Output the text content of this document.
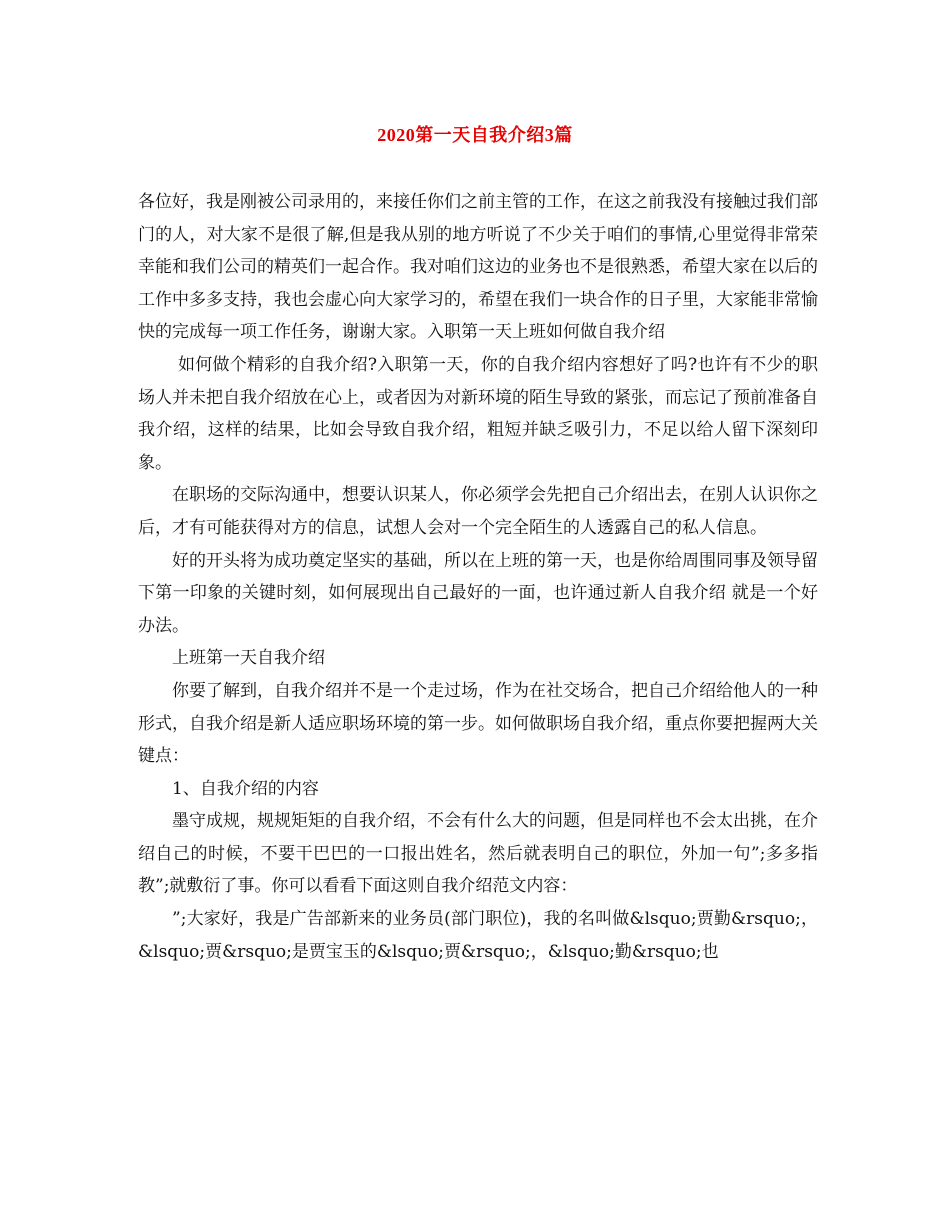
2020第一天自我介绍3篇

各位好，我是刚被公司录用的，来接任你们之前主管的工作，在这之前我没有接触过我们部门的人，对大家不是很了解,但是我从别的地方听说了不少关于咱们的事情,心里觉得非常荣幸能和我们公司的精英们一起合作。我对咱们这边的业务也不是很熟悉，希望大家在以后的工作中多多支持，我也会虚心向大家学习的，希望在我们一块合作的日子里，大家能非常愉快的完成每一项工作任务，谢谢大家。入职第一天上班如何做自我介绍

如何做个精彩的自我介绍?入职第一天，你的自我介绍内容想好了吗?也许有不少的职场人并未把自我介绍放在心上，或者因为对新环境的陌生导致的紧张，而忘记了预前准备自我介绍，这样的结果，比如会导致自我介绍，粗短并缺乏吸引力，不足以给人留下深刻印象。

在职场的交际沟通中，想要认识某人，你必须学会先把自己介绍出去，在别人认识你之后，才有可能获得对方的信息，试想人会对一个完全陌生的人透露自己的私人信息。

好的开头将为成功奠定坚实的基础，所以在上班的第一天，也是你给周围同事及领导留下第一印象的关键时刻，如何展现出自己最好的一面，也许通过新人自我介绍 就是一个好办法。

上班第一天自我介绍

你要了解到，自我介绍并不是一个走过场，作为在社交场合，把自己介绍给他人的一种形式，自我介绍是新人适应职场环境的第一步。如何做职场自我介绍，重点你要把握两大关键点：

1、自我介绍的内容

墨守成规，规规矩矩的自我介绍，不会有什么大的问题，但是同样也不会太出挑，在介绍自己的时候，不要干巴巴的一口报出姓名，然后就表明自己的职位，外加一句”;多多指教”;就敷衍了事。你可以看看下面这则自我介绍范文内容：

”;大家好，我是广告部新来的业务员(部门职位)，我的名叫做&lsquo;贾勤&rsquo;，&lsquo;贾&rsquo;是贾宝玉的&lsquo;贾&rsquo;，&lsquo;勤&rsquo;也
